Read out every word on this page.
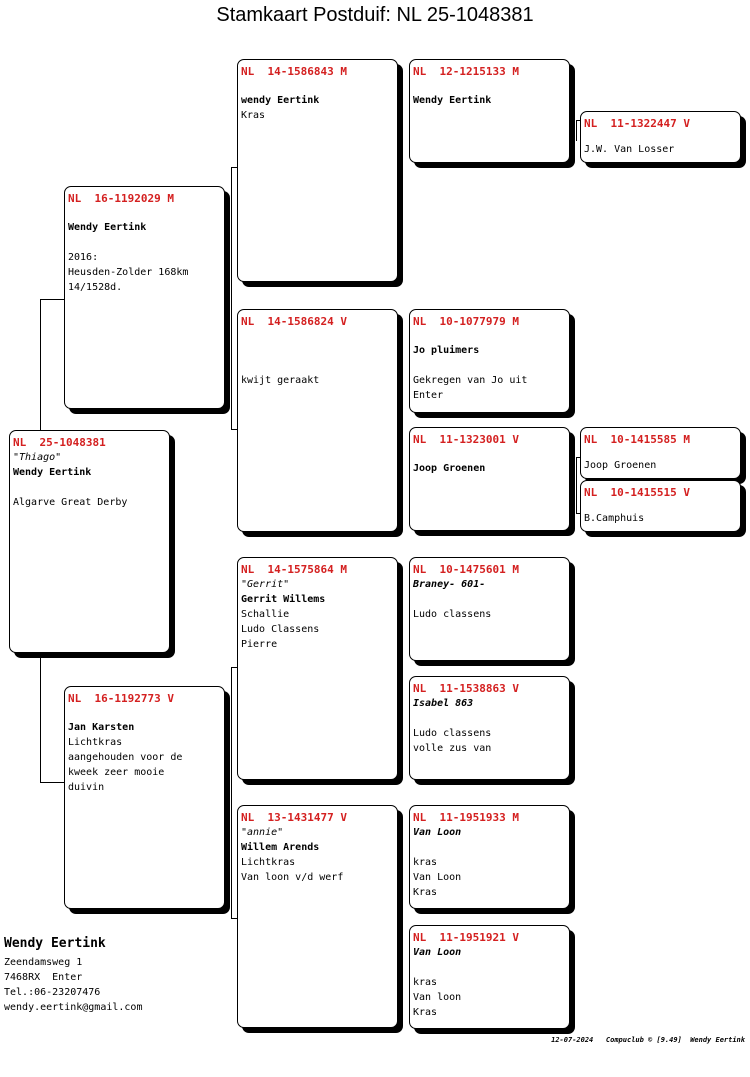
Stamkaart Postduif: NL 25-1048381
NL  25-1048381
"Thiago"
Wendy Eertink
Algarve Great Derby
NL  16-1192029 M
Wendy Eertink
2016:
Heusden-Zolder 168km
14/1528d.
NL  16-1192773 V
Jan Karsten
Lichtkras
aangehouden voor de
kweek zeer mooie
duivin
NL  14-1586843 M
wendy Eertink
Kras
NL  14-1586824 V
kwijt geraakt
NL  14-1575864 M
"Gerrit"
Gerrit Willems
Schallie
Ludo Classens
Pierre
NL  13-1431477 V
"annie"
Willem Arends
Lichtkras
Van loon v/d werf
NL  12-1215133 M
Wendy Eertink
NL  11-1322447 V
J.W. Van Losser
NL  10-1077979 M
Jo pluimers
Gekregen van Jo uit
Enter
NL  11-1323001 V
Joop Groenen
NL  10-1415585 M
Joop Groenen
NL  10-1415515 V
B.Camphuis
NL  10-1475601 M
Braney- 601-
Ludo classens
NL  11-1538863 V
Isabel 863
Ludo classens
volle zus van
NL  11-1951933 M
Van Loon
kras
Van Loon
Kras
NL  11-1951921 V
Van Loon
kras
Van loon
Kras
Wendy Eertink
Zeendamsweg 1
7468RX  Enter
Tel.:06-23207476
wendy.eertink@gmail.com
12-07-2024   Compuclub © [9.49]  Wendy Eertink
